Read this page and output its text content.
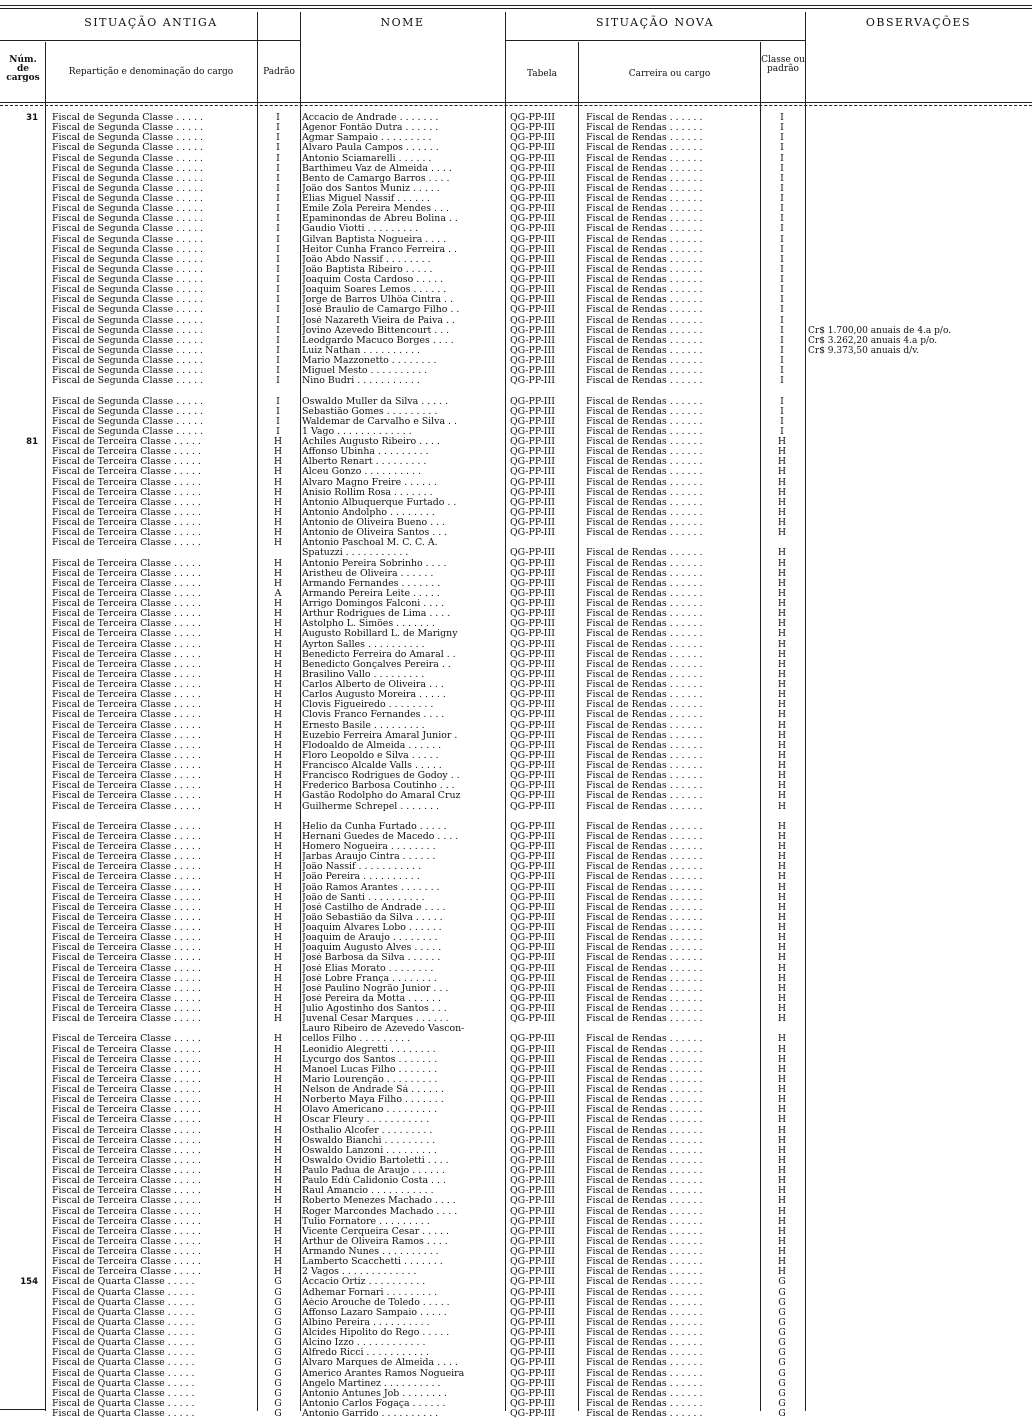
SITUAÇÃO ANTIGA	NOME	SITUAÇÃO NOVA	OBSERVAÇÕES
Núm. de cargos
Repartição e denominação do cargo	Padrão	Tabela	Carreira ou cargo
Classe ou padrão
31 Fiscal de Segunda Classe . . . . .	I	Accacio de Andrade . . . . . . .	QG-PP-III	Fiscal de Rendas . . . . . .	I
Fiscal de Segunda Classe . . . . .	I	Agenor Fontão Dutra . . . . . .	QG-PP-III	Fiscal de Rendas . . . . . .	I
Fiscal de Segunda Classe . . . . .	I	Agmar Sampaio . . . . . . . . .	QG-PP-III	Fiscal de Rendas . . . . . .	I
Fiscal de Segunda Classe . . . . .	I	Alvaro Paula Campos . . . . . .	QG-PP-III	Fiscal de Rendas . . . . . .	I
Fiscal de Segunda Classe . . . . .	I	Antonio Sciamarelli . . . . . .	QG-PP-III	Fiscal de Rendas . . . . . .	I
Fiscal de Segunda Classe . . . . .	I	Barthimeu Vaz de Almeida . . . .	QG-PP-III	Fiscal de Rendas . . . . . .	I
Fiscal de Segunda Classe . . . . .	I	Bento de Camargo Barros . . . .	QG-PP-III	Fiscal de Rendas . . . . . .	I
Fiscal de Segunda Classe . . . . .	I	João dos Santos Muniz . . . . .	QG-PP-III	Fiscal de Rendas . . . . . .	I
Fiscal de Segunda Classe . . . . .	I	Elias Miguel Nassif . . . . . .	QG-PP-III	Fiscal de Rendas . . . . . .	I
Fiscal de Segunda Classe . . . . .	I	Emile Zola Pereira Mendes . . .	QG-PP-III	Fiscal de Rendas . . . . . .	I
Fiscal de Segunda Classe . . . . .	I	Epaminondas de Abreu Bolina . .	QG-PP-III	Fiscal de Rendas . . . . . .	I
Fiscal de Segunda Classe . . . . .	I	Gaudio Viotti . . . . . . . . .	QG-PP-III	Fiscal de Rendas . . . . . .	I
Fiscal de Segunda Classe . . . . .	I	Gilvan Baptista Nogueira . . . .	QG-PP-III	Fiscal de Rendas . . . . . .	I
Fiscal de Segunda Classe . . . . .	I	Heitor Cunha Franco Ferreira . .	QG-PP-III	Fiscal de Rendas . . . . . .	I
Fiscal de Segunda Classe . . . . .	I	João Abdo Nassif . . . . . . . .	QG-PP-III	Fiscal de Rendas . . . . . .	I
Fiscal de Segunda Classe . . . . .	I	João Baptista Ribeiro . . . . .	QG-PP-III	Fiscal de Rendas . . . . . .	I
Fiscal de Segunda Classe . . . . .	I	Joaquim Costa Cardoso . . . . .	QG-PP-III	Fiscal de Rendas . . . . . .	I
Fiscal de Segunda Classe . . . . .	I	Joaquim Soares Lemos . . . . . .	QG-PP-III	Fiscal de Rendas . . . . . .	I
Fiscal de Segunda Classe . . . . .	I	Jorge de Barros Ulhôa Cintra . .	QG-PP-III	Fiscal de Rendas . . . . . .	I
Fiscal de Segunda Classe . . . . .	I	José Braulio de Camargo Filho . .	QG-PP-III	Fiscal de Rendas . . . . . .	I
Fiscal de Segunda Classe . . . . .	I	José Nazareth Vieira de Paiva . .	QG-PP-III	Fiscal de Rendas . . . . . .	I
Fiscal de Segunda Classe . . . . .	I	Jovino Azevedo Bittencourt . . .	QG-PP-III	Fiscal de Rendas . . . . . .	I	Cr$ 1.700,00 anuais de 4.a p/o.
Fiscal de Segunda Classe . . . . .	I	Leodgardo Macuco Borges . . . .	QG-PP-III	Fiscal de Rendas . . . . . .	I	Cr$ 3.262,20 anuais 4.a p/o.
Fiscal de Segunda Classe . . . . .	I	Luiz Nathan . . . . . . . . . .	QG-PP-III	Fiscal de Rendas . . . . . .	I	Cr$ 9.373,50 anuais d/v.
Fiscal de Segunda Classe . . . . .	I	Mario Mazzonetto . . . . . . . .	QG-PP-III	Fiscal de Rendas . . . . . .	I
Fiscal de Segunda Classe . . . . .	I	Miguel Mesto . . . . . . . . . .	QG-PP-III	Fiscal de Rendas . . . . . .	I
Fiscal de Segunda Classe . . . . .	I	Nino Budri . . . . . . . . . . .	QG-PP-III	Fiscal de Rendas . . . . . .	I
Fiscal de Segunda Classe . . . . .	I	Oswaldo Muller da Silva . . . . .	QG-PP-III	Fiscal de Rendas . . . . . .	I
Fiscal de Segunda Classe . . . . .	I	Sebastião Gomes . . . . . . . . .	QG-PP-III	Fiscal de Rendas . . . . . .	I
Fiscal de Segunda Classe . . . . .	I	Waldemar de Carvalho e Silva . .	QG-PP-III	Fiscal de Rendas . . . . . .	I
Fiscal de Segunda Classe . . . . .	I	1 Vago . . . . . . . . . . . . .	QG-PP-III	Fiscal de Rendas . . . . . .	I
81 Fiscal de Terceira Classe . . . . .	H	Achiles Augusto Ribeiro . . . .	QG-PP-III	Fiscal de Rendas . . . . . .	H
Fiscal de Terceira Classe . . . . .	H	Affonso Ubinha . . . . . . . . .	QG-PP-III	Fiscal de Rendas . . . . . .	H
Fiscal de Terceira Classe . . . . .	H	Alberto Renart . . . . . . . . .	QG-PP-III	Fiscal de Rendas . . . . . .	H
Fiscal de Terceira Classe . . . . .	H	Alceu Gonzo . . . . . . . . . .	QG-PP-III	Fiscal de Rendas . . . . . .	H
Fiscal de Terceira Classe . . . . .	H	Alvaro Magno Freire . . . . . .	QG-PP-III	Fiscal de Rendas . . . . . .	H
Fiscal de Terceira Classe . . . . .	H	Anisio Rollim Rosa . . . . . . .	QG-PP-III	Fiscal de Rendas . . . . . .	H
Fiscal de Terceira Classe . . . . .	H	Antonio Albuquerque Furtado . .	QG-PP-III	Fiscal de Rendas . . . . . .	H
Fiscal de Terceira Classe . . . . .	H	Antonio Andolpho . . . . . . . .	QG-PP-III	Fiscal de Rendas . . . . . .	H
Fiscal de Terceira Classe . . . . .	H	Antonio de Oliveira Bueno . . .	QG-PP-III	Fiscal de Rendas . . . . . .	H
Fiscal de Terceira Classe . . . . .	H	Antonio de Oliveira Santos . . .	QG-PP-III	Fiscal de Rendas . . . . . .	H
Fiscal de Terceira Classe . . . . .	H	Antonio Paschoal M. C. C. A.
Spatuzzi . . . . . . . . . . .	QG-PP-III	Fiscal de Rendas . . . . . .	H
Fiscal de Terceira Classe . . . . .	H	Antonio Pereira Sobrinho . . . .	QG-PP-III	Fiscal de Rendas . . . . . .	H
Fiscal de Terceira Classe . . . . .	H	Aristheu de Oliveira . . . . . .	QG-PP-III	Fiscal de Rendas . . . . . .	H
Fiscal de Terceira Classe . . . . .	H	Armando Fernandes . . . . . . .	QG-PP-III	Fiscal de Rendas . . . . . .	H
Fiscal de Terceira Classe . . . . .	A	Armando Pereira Leite . . . . .	QG-PP-III	Fiscal de Rendas . . . . . .	H
Fiscal de Terceira Classe . . . . .	H	Arrigo Domingos Falconi . . . .	QG-PP-III	Fiscal de Rendas . . . . . .	H
Fiscal de Terceira Classe . . . . .	H	Arthur Rodrigues de Lima . . . .	QG-PP-III	Fiscal de Rendas . . . . . .	H
Fiscal de Terceira Classe . . . . .	H	Astolpho L. Simões . . . . . . .	QG-PP-III	Fiscal de Rendas . . . . . .	H
Fiscal de Terceira Classe . . . . .	H	Augusto Robillard L. de Marigny	QG-PP-III	Fiscal de Rendas . . . . . .	H
Fiscal de Terceira Classe . . . . .	H	Ayrton Salles . . . . . . . . . .	QG-PP-III	Fiscal de Rendas . . . . . .	H
Fiscal de Terceira Classe . . . . .	H	Benedicto Ferreira do Amaral . .	QG-PP-III	Fiscal de Rendas . . . . . .	H
Fiscal de Terceira Classe . . . . .	H	Benedicto Gonçalves Pereira . .	QG-PP-III	Fiscal de Rendas . . . . . .	H
Fiscal de Terceira Classe . . . . .	H	Brasilino Vallo . . . . . . . . .	QG-PP-III	Fiscal de Rendas . . . . . .	H
Fiscal de Terceira Classe . . . . .	H	Carlos Alberto de Oliveira . . .	QG-PP-III	Fiscal de Rendas . . . . . .	H
Fiscal de Terceira Classe . . . . .	H	Carlos Augusto Moreira . . . . .	QG-PP-III	Fiscal de Rendas . . . . . .	H
Fiscal de Terceira Classe . . . . .	H	Clovis Figueiredo . . . . . . . .	QG-PP-III	Fiscal de Rendas . . . . . .	H
Fiscal de Terceira Classe . . . . .	H	Clovis Franco Fernandes . . . .	QG-PP-III	Fiscal de Rendas . . . . . .	H
Fiscal de Terceira Classe . . . . .	H	Ernesto Basile . . . . . . . . .	QG-PP-III	Fiscal de Rendas . . . . . .	H
Fiscal de Terceira Classe . . . . .	H	Euzebio Ferreira Amaral Junior .	QG-PP-III	Fiscal de Rendas . . . . . .	H
Fiscal de Terceira Classe . . . . .	H	Flodoaldo de Almeida . . . . . .	QG-PP-III	Fiscal de Rendas . . . . . .	H
Fiscal de Terceira Classe . . . . .	H	Floro Leopoldo e Silva . . . . .	QG-PP-III	Fiscal de Rendas . . . . . .	H
Fiscal de Terceira Classe . . . . .	H	Francisco Alcalde Valls . . . . .	QG-PP-III	Fiscal de Rendas . . . . . .	H
Fiscal de Terceira Classe . . . . .	H	Francisco Rodrigues de Godoy . .	QG-PP-III	Fiscal de Rendas . . . . . .	H
Fiscal de Terceira Classe . . . . .	H	Frederico Barbosa Coutinho . . .	QG-PP-III	Fiscal de Rendas . . . . . .	H
Fiscal de Terceira Classe . . . . .	H	Gastão Rodolpho do Amaral Cruz	QG-PP-III	Fiscal de Rendas . . . . . .	H
Fiscal de Terceira Classe . . . . .	H	Guilherme Schrepel . . . . . . .	QG-PP-III	Fiscal de Rendas . . . . . .	H
Fiscal de Terceira Classe . . . . .	H	Helio da Cunha Furtado . . . . .	QG-PP-III	Fiscal de Rendas . . . . . .	H
Fiscal de Terceira Classe . . . . .	H	Hernani Guedes de Macedo . . . .	QG-PP-III	Fiscal de Rendas . . . . . .	H
Fiscal de Terceira Classe . . . . .	H	Homero Nogueira . . . . . . . .	QG-PP-III	Fiscal de Rendas . . . . . .	H
Fiscal de Terceira Classe . . . . .	H	Jarbas Araujo Cintra . . . . . .	QG-PP-III	Fiscal de Rendas . . . . . .	H
Fiscal de Terceira Classe . . . . .	H	João Nassif . . . . . . . . . . .	QG-PP-III	Fiscal de Rendas . . . . . .	H
Fiscal de Terceira Classe . . . . .	H	João Pereira . . . . . . . . . .	QG-PP-III	Fiscal de Rendas . . . . . .	H
Fiscal de Terceira Classe . . . . .	H	João Ramos Arantes . . . . . . .	QG-PP-III	Fiscal de Rendas . . . . . .	H
Fiscal de Terceira Classe . . . . .	H	João de Santi . . . . . . . . . .	QG-PP-III	Fiscal de Rendas . . . . . .	H
Fiscal de Terceira Classe . . . . .	H	José Castilho de Andrade . . . .	QG-PP-III	Fiscal de Rendas . . . . . .	H
Fiscal de Terceira Classe . . . . .	H	João Sebastião da Silva . . . . .	QG-PP-III	Fiscal de Rendas . . . . . .	H
Fiscal de Terceira Classe . . . . .	H	Joaquim Alvares Lobo . . . . . .	QG-PP-III	Fiscal de Rendas . . . . . .	H
Fiscal de Terceira Classe . . . . .	H	Joaquim de Araujo . . . . . . . .	QG-PP-III	Fiscal de Rendas . . . . . .	H
Fiscal de Terceira Classe . . . . .	H	Joaquim Augusto Alves . . . . .	QG-PP-III	Fiscal de Rendas . . . . . .	H
Fiscal de Terceira Classe . . . . .	H	José Barbosa da Silva . . . . . .	QG-PP-III	Fiscal de Rendas . . . . . .	H
Fiscal de Terceira Classe . . . . .	H	José Elias Morato . . . . . . . .	QG-PP-III	Fiscal de Rendas . . . . . .	H
Fiscal de Terceira Classe . . . . .	H	José Lobre França . . . . . . . .	QG-PP-III	Fiscal de Rendas . . . . . .	H
Fiscal de Terceira Classe . . . . .	H	José Paulino Nogrão Junior . . .	QG-PP-III	Fiscal de Rendas . . . . . .	H
Fiscal de Terceira Classe . . . . .	H	José Pereira da Motta . . . . . .	QG-PP-III	Fiscal de Rendas . . . . . .	H
Fiscal de Terceira Classe . . . . .	H	Julio Agostinho dos Santos . . .	QG-PP-III	Fiscal de Rendas . . . . . .	H
Fiscal de Terceira Classe . . . . .	H	Juvenal Cesar Marques . . . . . .	QG-PP-III	Fiscal de Rendas . . . . . .	H
Lauro Ribeiro de Azevedo Vascon-
Fiscal de Terceira Classe . . . . .	H	cellos Filho . . . . . . . . .	QG-PP-III	Fiscal de Rendas . . . . . .	H
Fiscal de Terceira Classe . . . . .	H	Leonidio Alegretti . . . . . . . .	QG-PP-III	Fiscal de Rendas . . . . . .	H
Fiscal de Terceira Classe . . . . .	H	Lycurgo dos Santos . . . . . . .	QG-PP-III	Fiscal de Rendas . . . . . .	H
Fiscal de Terceira Classe . . . . .	H	Manoel Lucas Filho . . . . . . .	QG-PP-III	Fiscal de Rendas . . . . . .	H
Fiscal de Terceira Classe . . . . .	H	Mario Lourenção . . . . . . . . .	QG-PP-III	Fiscal de Rendas . . . . . .	H
Fiscal de Terceira Classe . . . . .	H	Nelson de Andrade Sá . . . . . .	QG-PP-III	Fiscal de Rendas . . . . . .	H
Fiscal de Terceira Classe . . . . .	H	Norberto Maya Filho . . . . . . .	QG-PP-III	Fiscal de Rendas . . . . . .	H
Fiscal de Terceira Classe . . . . .	H	Olavo Americano . . . . . . . . .	QG-PP-III	Fiscal de Rendas . . . . . .	H
Fiscal de Terceira Classe . . . . .	H	Oscar Fleury . . . . . . . . . . .	QG-PP-III	Fiscal de Rendas . . . . . .	H
Fiscal de Terceira Classe . . . . .	H	Osthalio Alcofer . . . . . . . . .	QG-PP-III	Fiscal de Rendas . . . . . .	H
Fiscal de Terceira Classe . . . . .	H	Oswaldo Bianchi . . . . . . . . .	QG-PP-III	Fiscal de Rendas . . . . . .	H
Fiscal de Terceira Classe . . . . .	H	Oswaldo Lanzoni . . . . . . . . .	QG-PP-III	Fiscal de Rendas . . . . . .	H
Fiscal de Terceira Classe . . . . .	H	Oswaldo Ovidio Bartoletti . . . .	QG-PP-III	Fiscal de Rendas . . . . . .	H
Fiscal de Terceira Classe . . . . .	H	Paulo Padua de Araujo . . . . . .	QG-PP-III	Fiscal de Rendas . . . . . .	H
Fiscal de Terceira Classe . . . . .	H	Paulo Edú Calidonio Costa . . .	QG-PP-III	Fiscal de Rendas . . . . . .	H
Fiscal de Terceira Classe . . . . .	H	Raul Amancio . . . . . . . . . . .	QG-PP-III	Fiscal de Rendas . . . . . .	H
Fiscal de Terceira Classe . . . . .	H	Roberto Menezes Machado . . . .	QG-PP-III	Fiscal de Rendas . . . . . .	H
Fiscal de Terceira Classe . . . . .	H	Roger Marcondes Machado . . . .	QG-PP-III	Fiscal de Rendas . . . . . .	H
Fiscal de Terceira Classe . . . . .	H	Tulio Fornatore . . . . . . . . .	QG-PP-III	Fiscal de Rendas . . . . . .	H
Fiscal de Terceira Classe . . . . .	H	Vicente Cerqueira Cesar . . . . .	QG-PP-III	Fiscal de Rendas . . . . . .	H
Fiscal de Terceira Classe . . . . .	H	Arthur de Oliveira Ramos . . . .	QG-PP-III	Fiscal de Rendas . . . . . .	H
Fiscal de Terceira Classe . . . . .	H	Armando Nunes . . . . . . . . . .	QG-PP-III	Fiscal de Rendas . . . . . .	H
Fiscal de Terceira Classe . . . . .	H	Lamberto Scacchetti . . . . . . .	QG-PP-III	Fiscal de Rendas . . . . . .	H
Fiscal de Terceira Classe . . . . .	H	2 Vagos . . . . . . . . . . . . .	QG-PP-III	Fiscal de Rendas . . . . . .	H
154 Fiscal de Quarta Classe . . . . .	G	Accacio Ortiz . . . . . . . . . .	QG-PP-III	Fiscal de Rendas . . . . . .	G
Fiscal de Quarta Classe . . . . .	G	Adhemar Fornari . . . . . . . . .	QG-PP-III	Fiscal de Rendas . . . . . .	G
Fiscal de Quarta Classe . . . . .	G	Aécio Arouche de Toledo . . . . .	QG-PP-III	Fiscal de Rendas . . . . . .	G
Fiscal de Quarta Classe . . . . .	G	Affonso Lazaro Sampaio . . . . .	QG-PP-III	Fiscal de Rendas . . . . . .	G
Fiscal de Quarta Classe . . . . .	G	Albino Pereira . . . . . . . . . .	QG-PP-III	Fiscal de Rendas . . . . . .	G
Fiscal de Quarta Classe . . . . .	G	Alcides Hipolito do Rego . . . . .	QG-PP-III	Fiscal de Rendas . . . . . .	G
Fiscal de Quarta Classe . . . . .	G	Alcino Izzo . . . . . . . . . . . .	QG-PP-III	Fiscal de Rendas . . . . . .	G
Fiscal de Quarta Classe . . . . .	G	Alfredo Ricci . . . . . . . . . . .	QG-PP-III	Fiscal de Rendas . . . . . .	G
Fiscal de Quarta Classe . . . . .	G	Alvaro Marques de Almeida . . . .	QG-PP-III	Fiscal de Rendas . . . . . .	G
Fiscal de Quarta Classe . . . . .	G	Americo Arantes Ramos Nogueira	QG-PP-III	Fiscal de Rendas . . . . . .	G
Fiscal de Quarta Classe . . . . .	G	Angelo Martinez . . . . . . . . . .	QG-PP-III	Fiscal de Rendas . . . . . .	G
Fiscal de Quarta Classe . . . . .	G	Antonio Antunes Job . . . . . . . .	QG-PP-III	Fiscal de Rendas . . . . . .	G
Fiscal de Quarta Classe . . . . .	G	Antonio Carlos Fogaça . . . . . .	QG-PP-III	Fiscal de Rendas . . . . . .	G
Fiscal de Quarta Classe . . . . .	G	Antonio Garrido . . . . . . . . . .	QG-PP-III	Fiscal de Rendas . . . . . .	G
